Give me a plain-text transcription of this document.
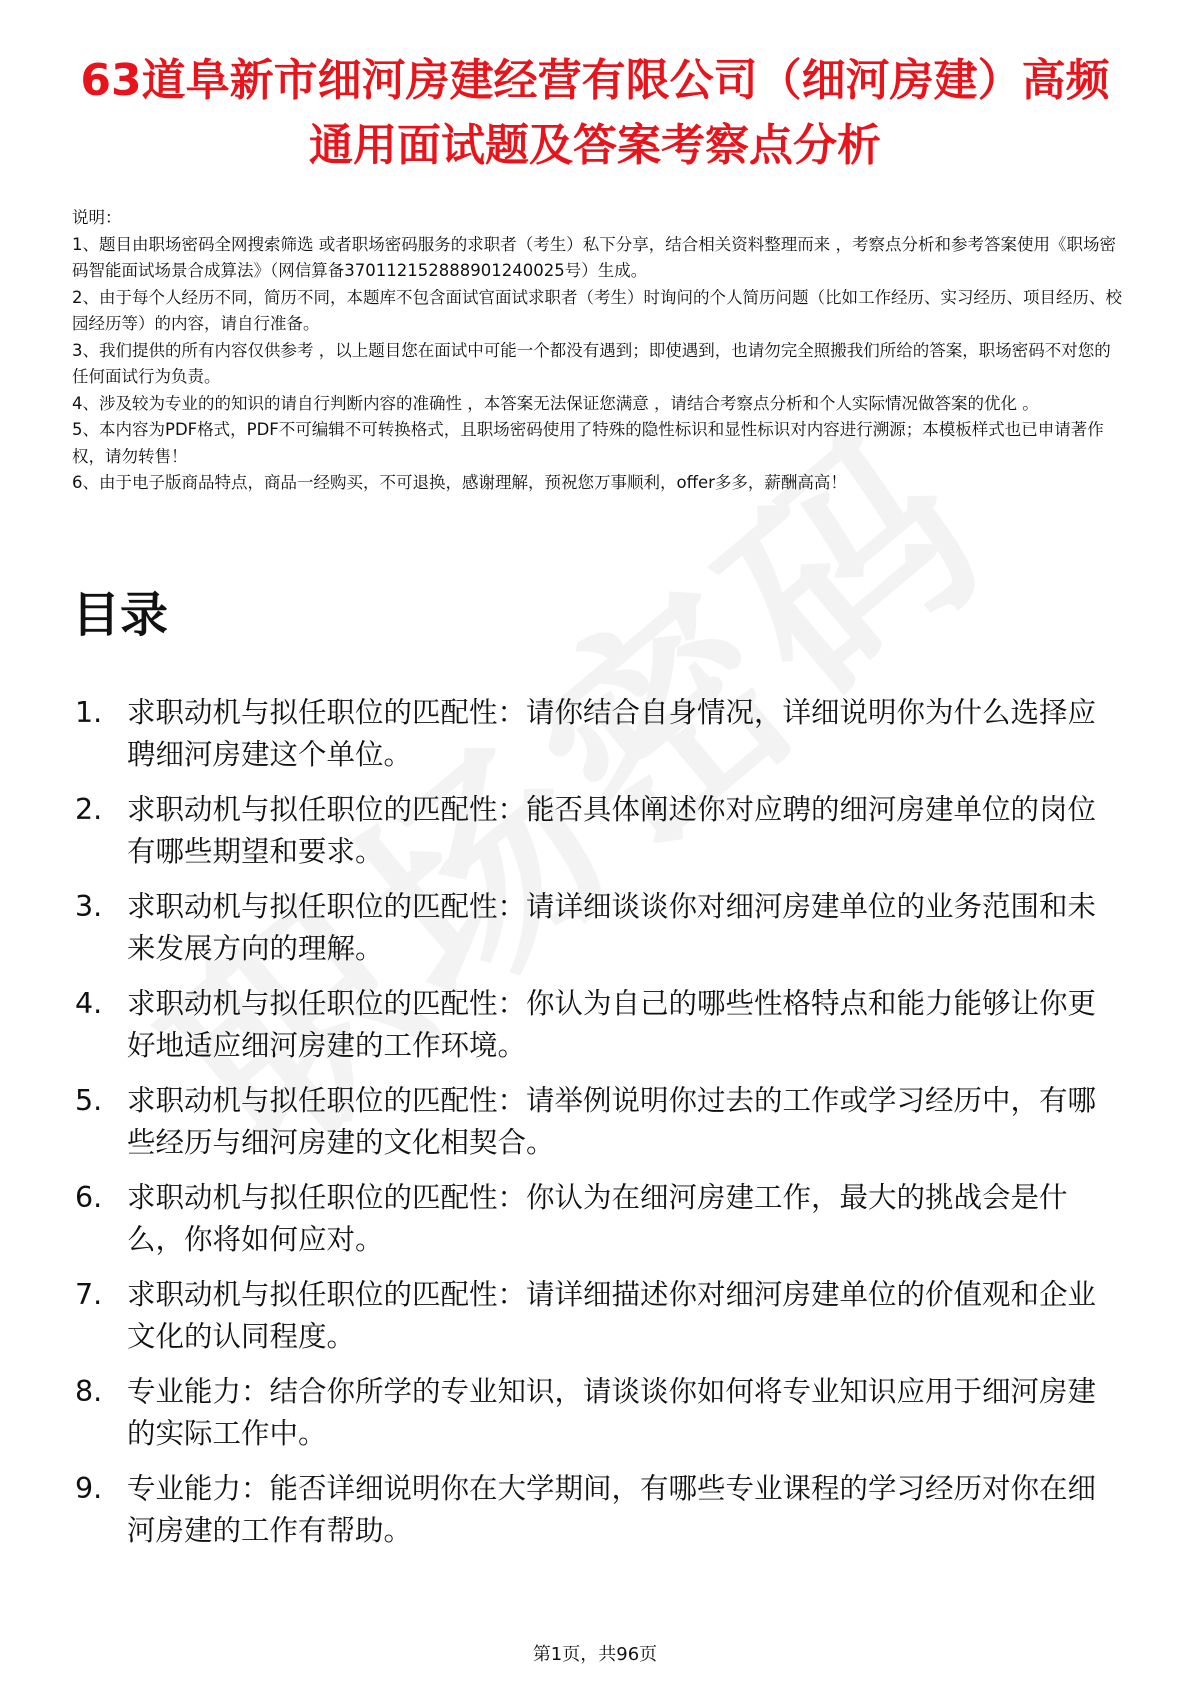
63道阜新市细河房建经营有限公司（细河房建）高频通用面试题及答案考察点分析

说明：

1、题目由职场密码全网搜索筛选 或者职场密码服务的求职者（考生）私下分享，结合相关资料整理而来 ，考察点分析和参考答案使用《职场密码智能面试场景合成算法》（网信算备370112152888901240025号）生成。

2、由于每个人经历不同，简历不同，本题库不包含面试官面试求职者（考生）时询问的个人简历问题（比如工作经历、实习经历、项目经历、校园经历等）的内容，请自行准备。

3、我们提供的所有内容仅供参考 ，以上题目您在面试中可能一个都没有遇到；即使遇到，也请勿完全照搬我们所给的答案，职场密码不对您的任何面试行为负责。

4、涉及较为专业的的知识的请自行判断内容的准确性 ，本答案无法保证您满意 ，请结合考察点分析和个人实际情况做答案的优化 。

5、本内容为PDF格式，PDF不可编辑不可转换格式，且职场密码使用了特殊的隐性标识和显性标识对内容进行溯源；本模板样式也已申请著作权，请勿转售！

6、由于电子版商品特点，商品一经购买，不可退换，感谢理解，预祝您万事顺利，offer多多，薪酬高高！

目录
1. 求职动机与拟任职位的匹配性：请你结合自身情况，详细说明你为什么选择应聘细河房建这个单位。
2. 求职动机与拟任职位的匹配性：能否具体阐述你对应聘的细河房建单位的岗位有哪些期望和要求。
3. 求职动机与拟任职位的匹配性：请详细谈谈你对细河房建单位的业务范围和未来发展方向的理解。
4. 求职动机与拟任职位的匹配性：你认为自己的哪些性格特点和能力能够让你更好地适应细河房建的工作环境。
5. 求职动机与拟任职位的匹配性：请举例说明你过去的工作或学习经历中，有哪些经历与细河房建的文化相契合。
6. 求职动机与拟任职位的匹配性：你认为在细河房建工作，最大的挑战会是什么，你将如何应对。
7. 求职动机与拟任职位的匹配性：请详细描述你对细河房建单位的价值观和企业文化的认同程度。
8. 专业能力：结合你所学的专业知识，请谈谈你如何将专业知识应用于细河房建的实际工作中。
9. 专业能力：能否详细说明你在大学期间，有哪些专业课程的学习经历对你在细河房建的工作有帮助。
第1页，共96页
